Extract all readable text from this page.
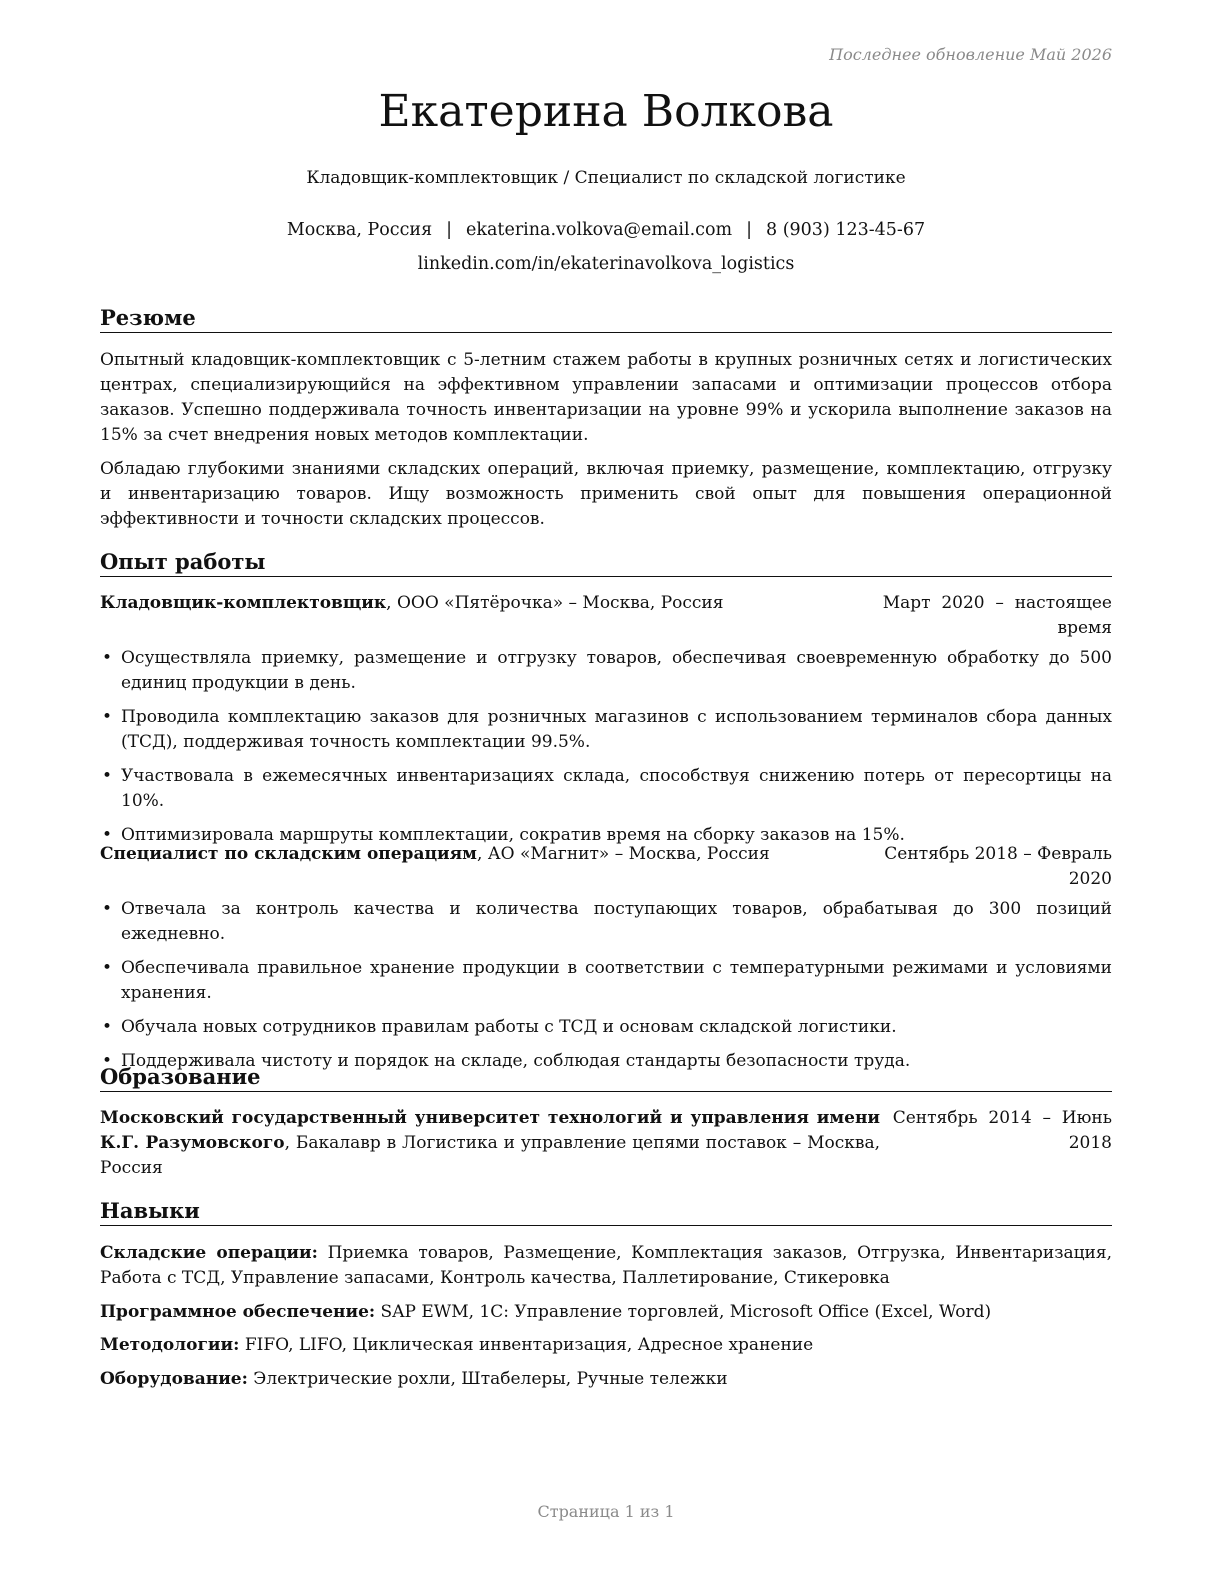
Последнее обновление Май 2026
Екатерина Волкова
Кладовщик-комплектовщик / Специалист по складской логистике
Москва, Россия | ekaterina.volkova@email.com | 8 (903) 123-45-67
linkedin.com/in/ekaterinavolkova_logistics
Резюме

Опытный кладовщик-комплектовщик с 5-летним стажем работы в крупных розничных сетях и логистических центрах, специализирующийся на эффективном управлении запасами и оптимизации процессов отбора заказов. Успешно поддерживала точность инвентаризации на уровне 99% и ускорила выполнение заказов на 15% за счет внедрения новых методов комплектации.

Обладаю глубокими знаниями складских операций, включая приемку, размещение, комплектацию, отгрузку и инвентаризацию товаров. Ищу возможность применить свой опыт для повышения операционной эффективности и точности складских процессов.

Опыт работы
Кладовщик-комплектовщик, ООО «Пятёрочка» – Москва, Россия	Март  2020  –  настоящее
время
• Осуществляла приемку, размещение и отгрузку товаров, обеспечивая своевременную обработку до 500 единиц продукции в день.
• Проводила комплектацию заказов для розничных магазинов с использованием терминалов сбора данных (ТСД), поддерживая точность комплектации 99.5%.
• Участвовала в ежемесячных инвентаризациях склада, способствуя снижению потерь от пересортицы на 10%.
• Оптимизировала маршруты комплектации, сократив время на сборку заказов на 15%.
Специалист по складским операциям, АО «Магнит» – Москва, Россия	Сентябрь 2018 – Февраль
2020
• Отвечала за контроль качества и количества поступающих товаров, обрабатывая до 300 позиций ежедневно.
• Обеспечивала правильное хранение продукции в соответствии с температурными режимами и условиями хранения.
• Обучала новых сотрудников правилам работы с ТСД и основам складской логистики.
• Поддерживала чистоту и порядок на складе, соблюдая стандарты безопасности труда.
Образование
Московский государственный университет технологий и управления имени К.Г. Разумовского, Бакалавр в Логистика и управление цепями поставок – Москва, Россия
Сентябрь  2014  –  Июнь
2018
Навыки
Складские операции: Приемка товаров, Размещение, Комплектация заказов, Отгрузка, Инвентаризация, Работа с ТСД, Управление запасами, Контроль качества, Паллетирование, Стикеровка
Программное обеспечение: SAP EWM, 1С: Управление торговлей, Microsoft Office (Excel, Word)
Методологии: FIFO, LIFO, Циклическая инвентаризация, Адресное хранение
Оборудование: Электрические рохли, Штабелеры, Ручные тележки
Страница 1 из 1
